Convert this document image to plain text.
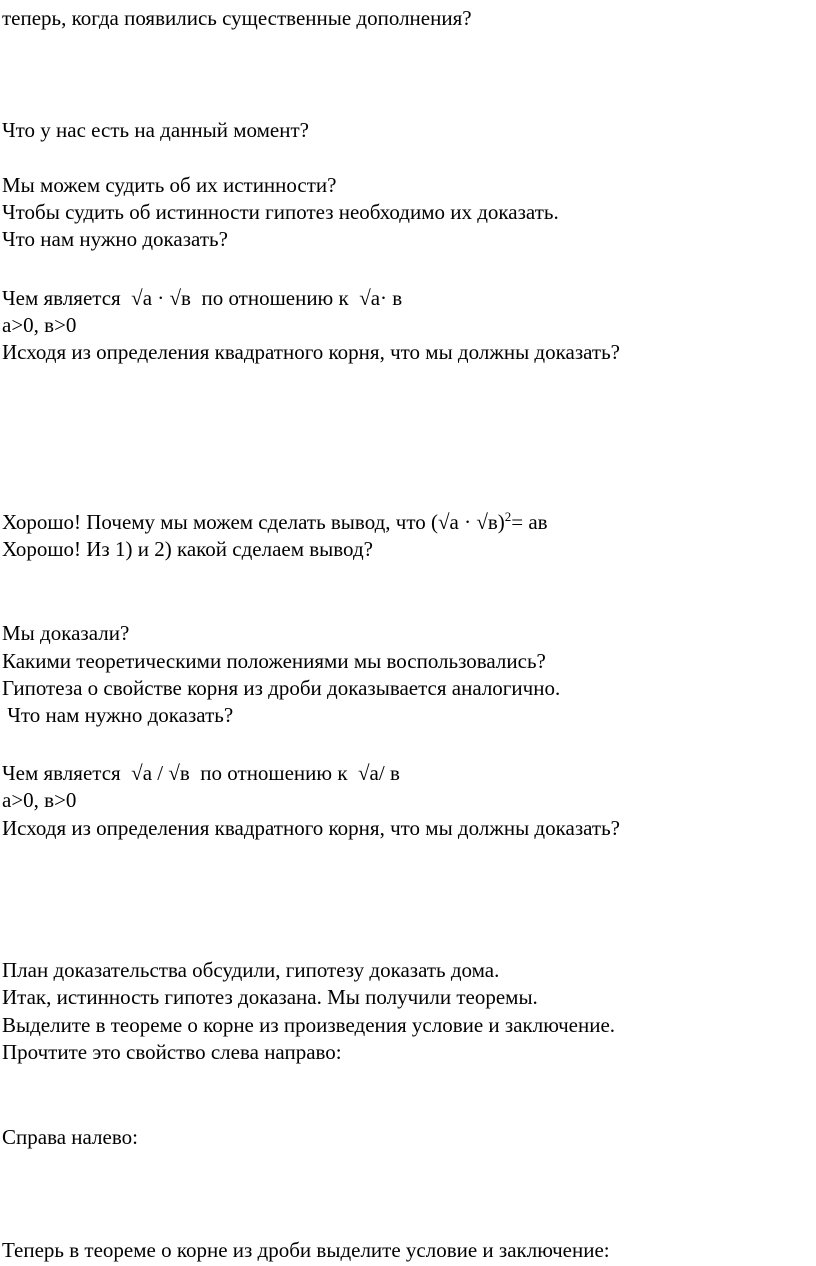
теперь, когда появились существенные дополнения?
Что у нас есть на данный момент?
Мы можем судить об их истинности?
Чтобы судить об истинности гипотез необходимо их доказать.
Что нам нужно доказать?
Чем является  √а · √в  по отношению к  √а· в
а>0, в>0
Исходя из определения квадратного корня, что мы должны доказать?
Хорошо! Почему мы можем сделать вывод, что $(√а \cdot √в)^2=$ ав
Хорошо! Из 1) и 2) какой сделаем вывод?
Мы доказали?
Какими теоретическими положениями мы воспользовались?
Гипотеза о свойстве корня из дроби доказывается аналогично.
Что нам нужно доказать?
Чем является  √а / √в  по отношению к  √а/ в
а>0, в>0
Исходя из определения квадратного корня, что мы должны доказать?
План доказательства обсудили, гипотезу доказать дома.
Итак, истинность гипотез доказана. Мы получили теоремы.
Выделите в теореме о корне из произведения условие и заключение.
Прочтите это свойство слева направо:
Справа налево:
Теперь в теореме о корне из дроби выделите условие и заключение:
